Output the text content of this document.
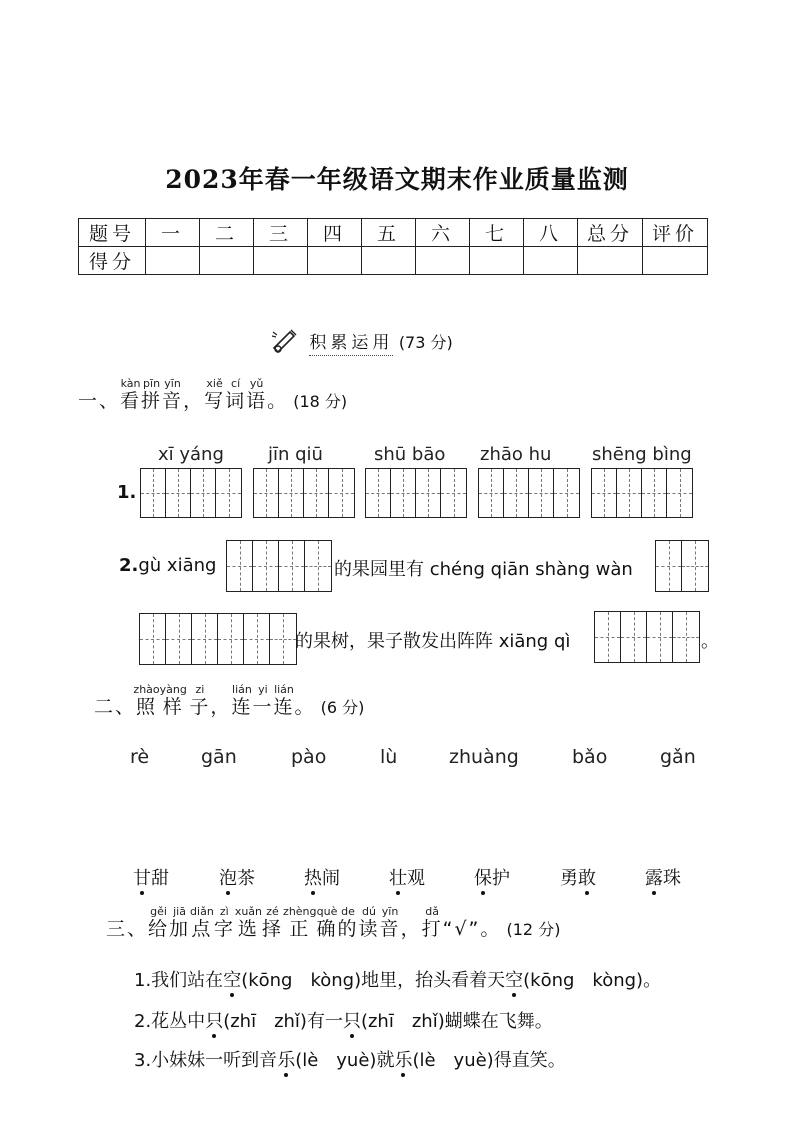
2023年春一年级语文期末作业质量监测
题号	一	二	三	四	五	六	七	八	总分	评价
得分										
积累运用 (73 分)
一、看kàn拼pīn音yīn，写xiě词cí语yǔ。 (18 分)
xī yáng jīn qiū	shū bāo zhāo hu shēng bìng
1.
2.gù xiāng	的果园里有 chéng qiān shàng wàn
的果树，果子散发出阵阵 xiāng qì	。
二、照zhào 样yàng 子zi，连lián一yi连lián。 (6 分)
rè	gān	pào	lù	zhuàng	bǎo	gǎn
甘甜	泡茶	热闹	壮观	保护	勇敢	露珠
三、给gěi加jiā点diǎn字zì选xuǎn择zé正zhèng确què的de读dú音yīn，打dǎ“√”。 (12 分)
1.我们站在空(kōng　kòng)地里，抬头看着天空(kōng　kòng)。
2.花丛中只(zhī　zhǐ)有一只(zhī　zhǐ)蝴蝶在飞舞。
3.小妹妹一听到音乐(lè　yuè)就乐(lè　yuè)得直笑。
